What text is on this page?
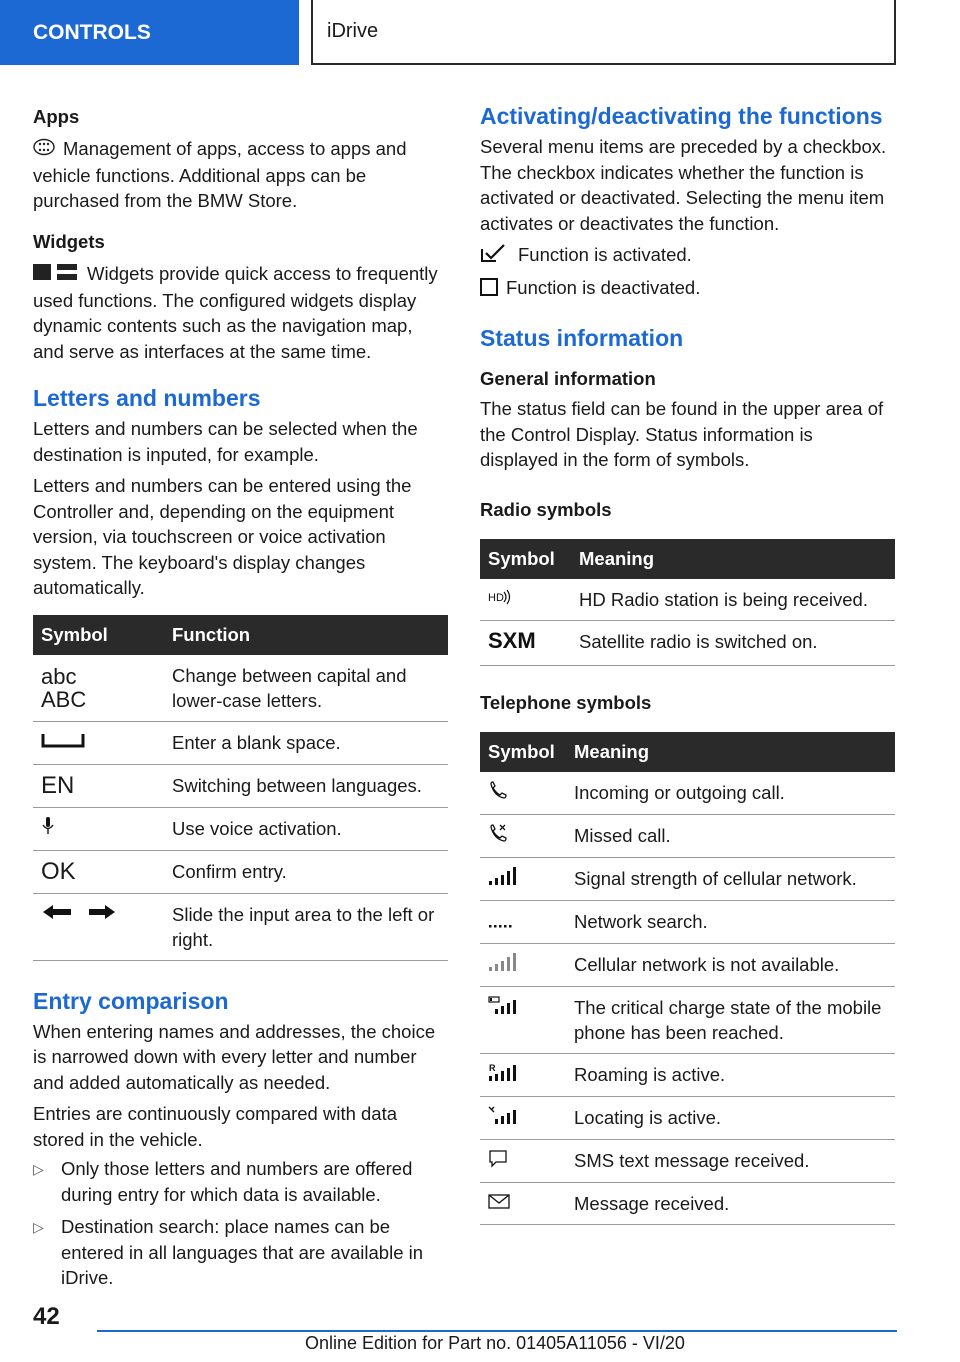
CONTROLS	iDrive

Apps

Management of apps, access to apps and vehicle functions. Additional apps can be purchased from the BMW Store.

Widgets

Widgets provide quick access to frequently used functions. The configured widgets display dynamic contents such as the navigation map, and serve as interfaces at the same time.

Letters and numbers

Letters and numbers can be selected when the destination is inputed, for example.

Letters and numbers can be entered using the Controller and, depending on the equipment version, via touchscreen or voice activation system. The keyboard's display changes automatically.

Symbol	Function

abc
ABC	Change between capital and lower-case letters.
	Enter a blank space.
EN	Switching between languages.
	Use voice activation.
OK	Confirm entry.
	Slide the input area to the left or right.
Entry comparison

When entering names and addresses, the choice is narrowed down with every letter and number and added automatically as needed.

Entries are continuously compared with data stored in the vehicle.

▷ Only those letters and numbers are offered during entry for which data is available.
▷ Destination search: place names can be entered in all languages that are available in iDrive.
Activating/deactivating the functions

Several menu items are preceded by a checkbox. The checkbox indicates whether the function is activated or deactivated. Selecting the menu item activates or deactivates the function.

Function is activated.

Function is deactivated.

Status information

General information

The status field can be found in the upper area of the Control Display. Status information is displayed in the form of symbols.

Radio symbols

Symbol	Meaning

HD	HD Radio station is being received.

SXM	Satellite radio is switched on.

Telephone symbols

Symbol	Meaning
	Incoming or outgoing call.
	Missed call.
	Signal strength of cellular network.
	Network search.
	Cellular network is not available.
	The critical charge state of the mobile phone has been reached.

R	Roaming is active.
	Locating is active.
	SMS text message received.
	Message received.
42
Online Edition for Part no. 01405A11056 - VI/20
